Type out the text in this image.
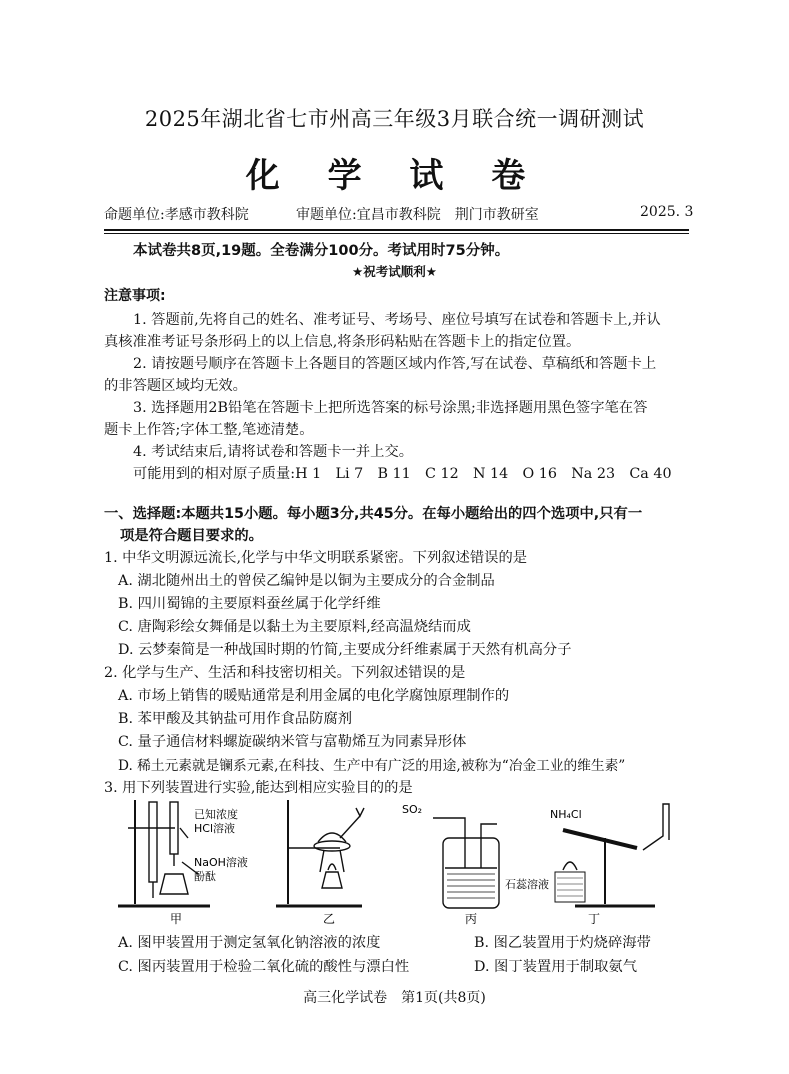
2025年湖北省七市州高三年级3月联合统一调研测试
化 学 试 卷
命题单位:孝感市教科院	审题单位:宜昌市教科院　荆门市教研室	2025. 3
本试卷共8页,19题。全卷满分100分。考试用时75分钟。
★祝考试顺利★
注意事项:
1. 答题前,先将自己的姓名、准考证号、考场号、座位号填写在试卷和答题卡上,并认
真核准准考证号条形码上的以上信息,将条形码粘贴在答题卡上的指定位置。
2. 请按题号顺序在答题卡上各题目的答题区域内作答,写在试卷、草稿纸和答题卡上
的非答题区域均无效。
3. 选择题用2B铅笔在答题卡上把所选答案的标号涂黑;非选择题用黑色签字笔在答
题卡上作答;字体工整,笔迹清楚。
4. 考试结束后,请将试卷和答题卡一并上交。
可能用到的相对原子质量:H 1　Li 7　B 11　C 12　N 14　O 16　Na 23　Ca 40
一、选择题:本题共15小题。每小题3分,共45分。在每小题给出的四个选项中,只有一
项是符合题目要求的。
1. 中华文明源远流长,化学与中华文明联系紧密。下列叙述错误的是
A. 湖北随州出土的曾侯乙编钟是以铜为主要成分的合金制品
B. 四川蜀锦的主要原料蚕丝属于化学纤维
C. 唐陶彩绘女舞俑是以黏土为主要原料,经高温烧结而成
D. 云梦秦简是一种战国时期的竹简,主要成分纤维素属于天然有机高分子
2. 化学与生产、生活和科技密切相关。下列叙述错误的是
A. 市场上销售的暖贴通常是利用金属的电化学腐蚀原理制作的
B. 苯甲酸及其钠盐可用作食品防腐剂
C. 量子通信材料螺旋碳纳米管与富勒烯互为同素异形体
D. 稀土元素就是镧系元素,在科技、生产中有广泛的用途,被称为“冶金工业的维生素”
3. 用下列装置进行实验,能达到相应实验目的的是
已知浓度
HCl溶液
NaOH溶液
酚酞
SO₂
石蕊溶液
NH₄Cl
甲	乙	丙	丁
A. 图甲装置用于测定氢氧化钠溶液的浓度	B. 图乙装置用于灼烧碎海带
C. 图丙装置用于检验二氧化硫的酸性与漂白性	D. 图丁装置用于制取氨气
高三化学试卷　第1页(共8页)
